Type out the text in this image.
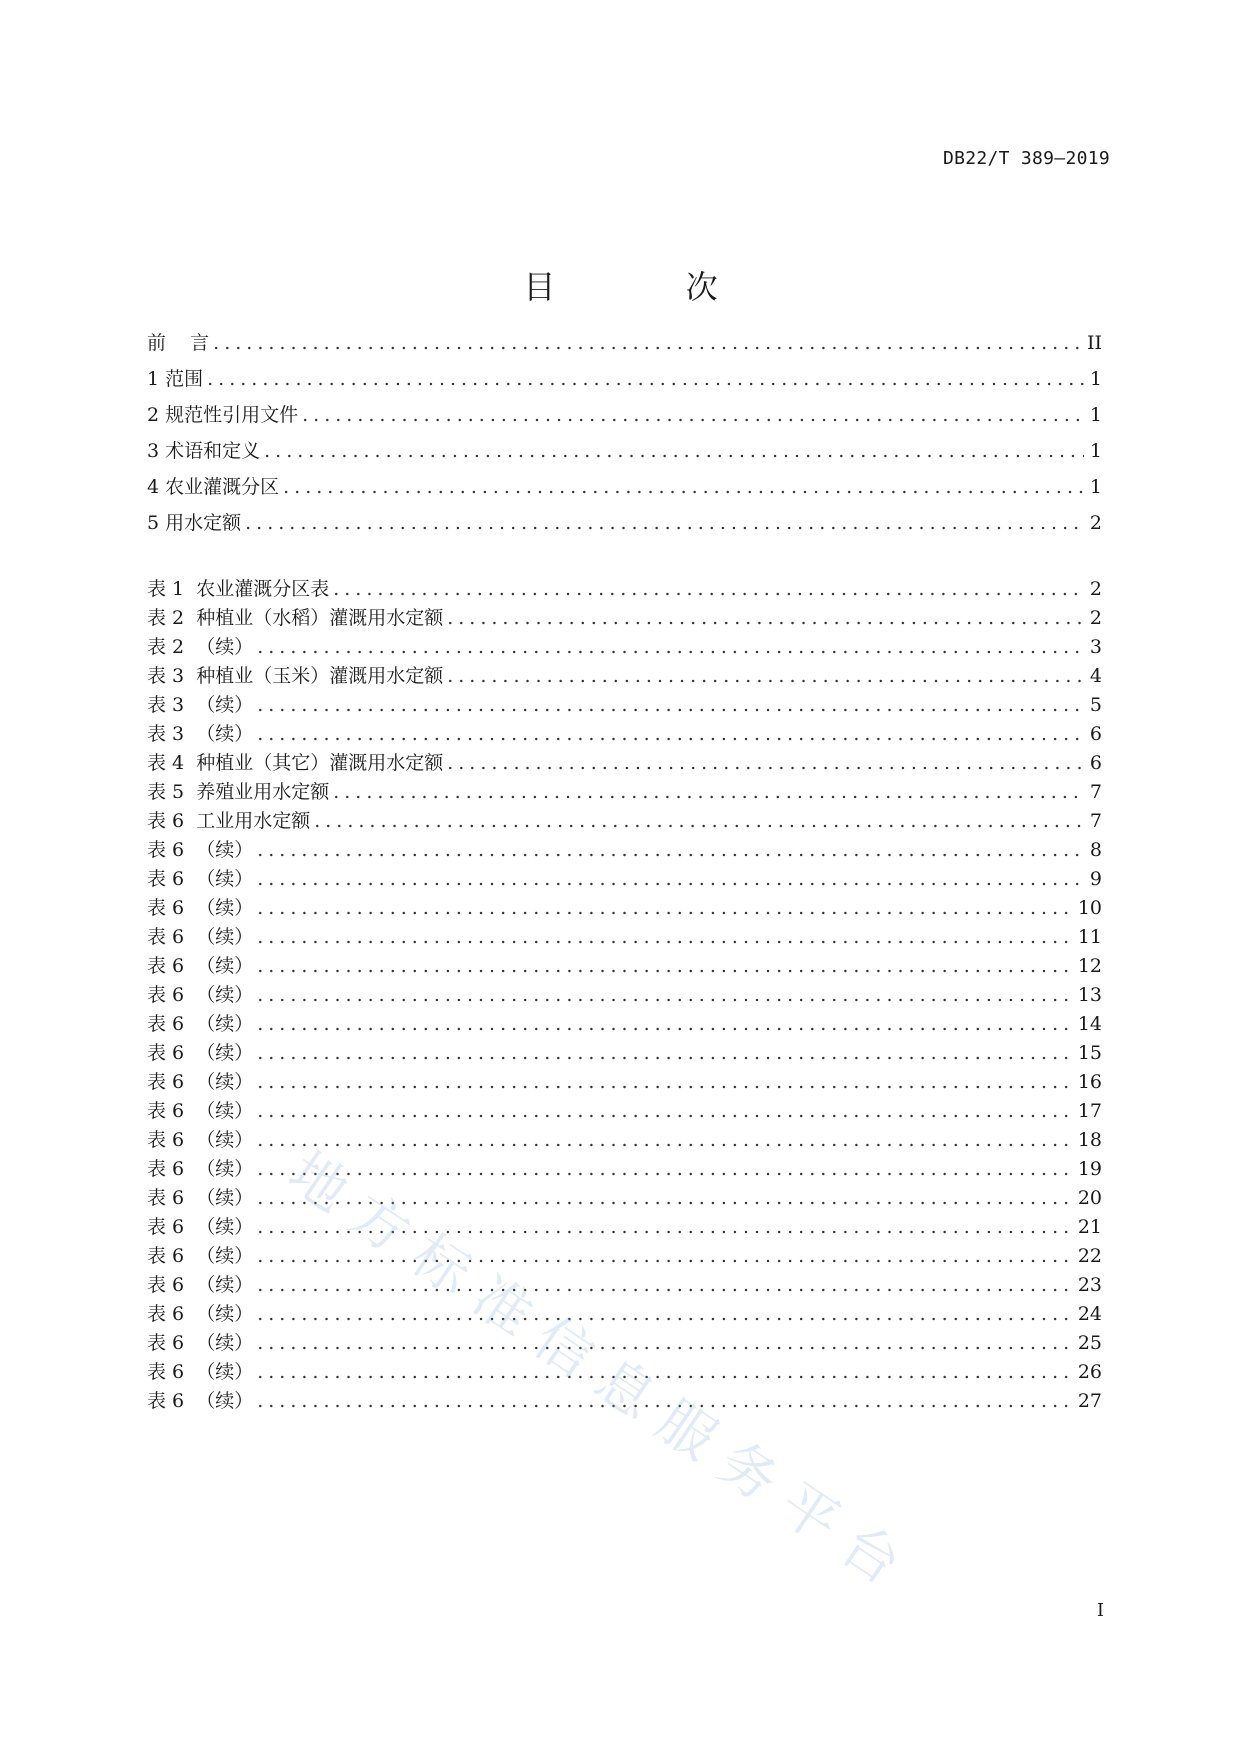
DB22/T 389—2019
目 次
前    言 .....	II
1 范围 .....	1
2 规范性引用文件 .....	1
3 术语和定义 .....	1
4 农业灌溉分区 .....	1
5 用水定额 .....	2
表 1  农业灌溉分区表 .....	2
表 2  种植业（水稻）灌溉用水定额 .....	2
表 2  （续） .....	3
表 3  种植业（玉米）灌溉用水定额 .....	4
表 3  （续） .....	5
表 3  （续） .....	6
表 4  种植业（其它）灌溉用水定额 .....	6
表 5  养殖业用水定额 .....	7
表 6  工业用水定额 .....	7
表 6  （续） .....	8
表 6  （续） .....	9
表 6  （续） .....	10
表 6  （续） .....	11
表 6  （续） .....	12
表 6  （续） .....	13
表 6  （续） .....	14
表 6  （续） .....	15
表 6  （续） .....	16
表 6  （续） .....	17
表 6  （续） .....	18
表 6  （续） .....	19
表 6  （续） .....	20
表 6  （续） .....	21
表 6  （续） .....	22
表 6  （续） .....	23
表 6  （续） .....	24
表 6  （续） .....	25
表 6  （续） .....	26
表 6  （续） .....	27
I
地方标准信息服务平台
